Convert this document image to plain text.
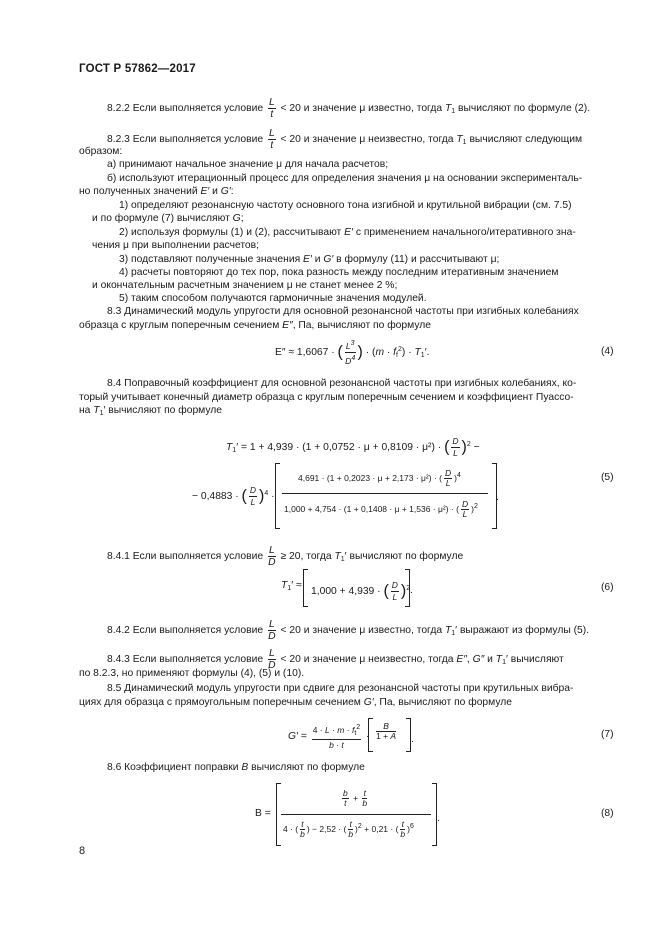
ГОСТ Р 57862—2017
8.2.2 Если выполняется условие $\frac{L}{t} < 20$ и значение μ известно, тогда $T_1$ вычисляют по формуле (2).
8.2.3 Если выполняется условие $\frac{L}{t} < 20$ и значение μ неизвестно, тогда $T_1$ вычисляют следующим
образом:
а) принимают начальное значение μ для начала расчетов;
б) используют итерационный процесс для определения значения μ на основании эксперименталь-
но полученных значений E′ и G′:
1) определяют резонансную частоту основного тона изгибной и крутильной вибрации (см. 7.5)
и по формуле (7) вычисляют G;
2) используя формулы (1) и (2), рассчитывают E′ с применением начального/итеративного зна-
чения μ при выполнении расчетов;
3) подставляют полученные значения E′ и G′ в формулу (11) и рассчитывают μ;
4) расчеты повторяют до тех пор, пока разность между последним итеративным значением
и окончательным расчетным значением μ не станет менее 2 %;
5) таким способом получаются гармоничные значения модулей.
8.3 Динамический модуль упругости для основной резонансной частоты при изгибных колебаниях
образца с круглым поперечным сечением E″, Па, вычисляют по формуле
E″ ≈ 1,6067 · ( $\frac{L^3}{D^4}$ ) · $(m \cdot f_f^2) \cdot T_1'$.	(4)
8.4 Поправочный коэффициент для основной резонансной частоты при изгибных колебаниях, ко-
торый учитывает конечный диаметр образца с круглым поперечным сечением и коэффициент Пуассо-
на $T_1'$ вычисляют по формуле
$T_1' = 1 + 4,939 \cdot (1 + 0,0752 \cdot \mu + 0,8109 \cdot \mu^2)$ · ( $\frac{D}{L} )^2$ −
− 0,4883 · ( $\frac{D}{L} )^4$ ·
4,691 · (1 + 0,2023 · μ + 2,173 · μ²) · ( $\frac{D}{L} )^4$
1,000 + 4,754 · (1 + 0,1408 · μ + 1,536 · μ²) · ( $\frac{D}{L} )^2$
.
(5)
8.4.1 Если выполняется условие $\frac{L}{D} \ge 20$, тогда $T_1'$ вычисляют по формуле
$T_1'$ ≈
1,000 + 4,939 · ( $\frac{D}{L} )^2$ .	(6)
8.4.2 Если выполняется условие $\frac{L}{D} < 20$ и значение μ известно, тогда $T_1'$ выражают из формулы (5).
8.4.3 Если выполняется условие $\frac{L}{D} < 20$ и значение μ неизвестно, тогда E″, G″ и $T_1'$ вычисляют
по 8.2.3, но применяют формулы (4), (5) и (10).
8.5 Динамический модуль упругости при сдвиге для резонансной частоты при крутильных вибра-
циях для образца с прямоугольным поперечным сечением G′, Па, вычисляют по формуле
$G' = \frac{4 \cdot L \cdot m \cdot f_t^2}{b \cdot t} \cdot \frac{B}{1 + A}$ .	(7)
8.6 Коэффициент поправки B вычисляют по формуле
B =
$\frac{b}{t} + \frac{t}{b}$
4 · ( $\frac{t}{b}$ ) − 2,52 · ( $\frac{t}{b} )^2 + 0,21$ · ( $\frac{t}{b} )^6$
.	(8)
8
